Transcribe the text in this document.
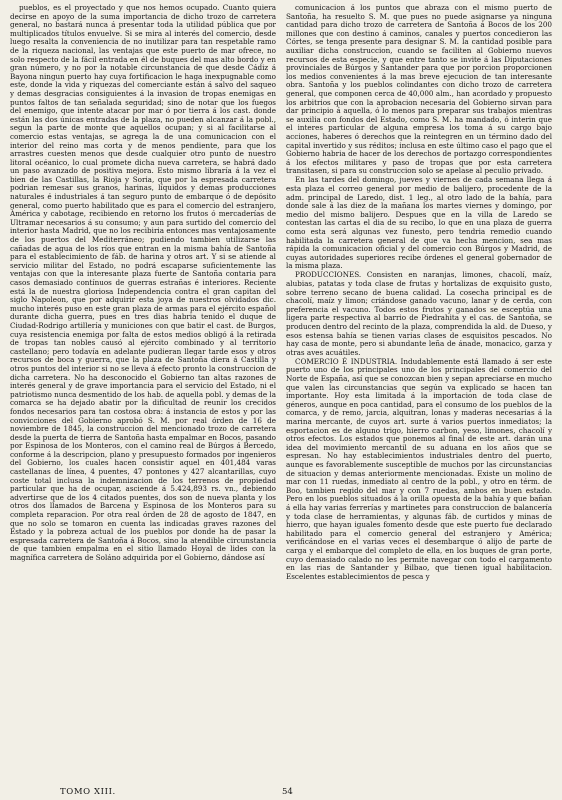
pueblos, es el proyectado y que nos hemos ocupado. Cuanto quiera decirse en apoyo de la suma importancia de dicho trozo de carretera general, no bastará nunca á presentar toda la utilidad pública que por multiplicados títulos envuelve. Si se mira al interés del comercio, desde luego resalta la conveniencia de no inutilizar para tan respetable ramo de la riqueza nacional, las ventajas que este puerto de mar ofrece, no solo respecto de la fácil entrada en él de buques del mas alto bordo y en gran número, y no por la notable circunstancia de que desde Cádiz á Bayona ningun puerto hay cuya fortificacion le haga inexpugnable como este, donde la vida y riquezas del comerciante están á salvo del saqueo y demas desgracias consiguientes á la invasion de tropas enemigas en puntos faltos de tan señalada seguridad; sino de notar que los fuegos del enemigo, que intente atacar por mar ó por tierra á los cast. donde están las dos únicas entradas de la plaza, no pueden alcanzar á la pobl., segun la parte de monte que aquellos ocupan; y si al facilitarse al comercio estas ventajas, se agrega la de una comunicacion con el interior del reino mas corta y de menos pendiente, para que los arrastres cuesten menos que desde cualquier otro punto de nuestro litoral océanico, lo cual promete dicha nueva carretera, se habrá dado un paso avanzado de positiva mejora. Esto mismo libraría á la vez el bien de las Castillas, la Rioja y Soria, que por la espresada carretera podrian remesar sus granos, harinas, líquidos y demas producciones naturales é industriales á tan seguro punto de embarque ó de depósito general, como puerto habilitado que es para el comercio del estranjero, América y cabotage, recibiendo en retorno los frutos ó mercaderías de Ultramar necesarios á su consumo; y aun para surtido del comercio del interior hasta Madrid, que no los recibiria entonces mas ventajosamente de los puertos del Mediterráneo; pudiendo tambien utilizarse las cañadas de agua de los ríos que entran en la misma bahía de Santoña para el establecimiento de fáb. de harina y otros art. Y si se atiende al servicio militar del Estado, no podrá escaparse suficientemente las ventajas con que la interesante plaza fuerte de Santoña contaria para casos demasiado contínuos de guerras estrañas é interiores. Reciente está la de nuestra gloriosa Independencia contra el gran capitan del siglo Napoleon, que por adquirir esta joya de nuestros olvidados dic. mucho interés puso en este gran plaza de armas para el ejército español durante dicha guerra, pues en tres dias habria tenido el duque de Ciudad-Rodrigo artillería y municiones con que batir el cast. de Burgos, cuya resistencia enemiga por falta de estos medios obligó á la retirada de tropas tan nobles causó al ejército combinado y al territorio castellano; pero todavía en adelante pudieran llegar tarde esos y otros recursos de boca y guerra, que la plaza de Santoña diera á Castilla y otros puntos del interior si no se lleva á efecto pronto la construccion de dicha carretera. No ha desconocido el Gobierno tan altas razones de interés general y de grave importancia para el servicio del Estado, ni el patriotismo nunca desmentido de los hab. de aquella pobl. y demas de la comarca se ha dejado abatir por la dificultad de reunir los crecidos fondos necesarios para tan costosa obra: á instancia de estos y por las convicciones del Gobierno aprobó S. M. por real órden de 16 de noviembre de 1845, la construccion del mencionado trozo de carretera desde la puerta de tierra de Santoña hasta empalmar en Bocos, pasando por Espinosa de los Monteros, con el camino real de Búrgos á Bercedo, conforme á la descripcion, plano y presupuesto formados por ingenieros del Gobierno, los cuales hacen consistir aquel en 401,484 varas castellanas de línea, 4 puentes, 47 pontones y 427 alcantarillas, cuyo coste total inclusa la indemnizacion de los terrenos de propiedad particular que ha de ocupar, asciende á 5.424,893 rs. vn., debiendo advertirse que de los 4 citados puentes, dos son de nueva planta y los otros dos llamados de Barcena y Espinosa de los Monteros para su completa reparacion. Por otra real órden de 28 de agosto de 1847, en que no solo se tomaron en cuenta las indicadas graves razones del Estado y la pobreza actual de los pueblos por donde ha de pasar la espresada carretera de Santoña á Bocos, sino la atendible circunstancia de que tambien empalma en el sitio llamado Hoyal de lides con la magnífica carretera de Soláno adquirida por el Gobierno, dándose así

comunicacion á los puntos que abraza con el mismo puerto de Santoña, ha resuelto S. M. que pues no puede asignarse ya ninguna cantidad para dicho trozo de carretera de Santoña á Bocos de los 200 millones que con destino á caminos, canales y puertos concedieron las Córtes, se tenga presente para designar S. M. la cantidad posible para auxiliar dicha construccion, cuando se faciliten al Gobierno nuevos recursos de esta especie, y que entre tanto se invite á las Diputaciones provinciales de Búrgos y Santander para que por porcion proporcionen los medios convenientes á la mas breve ejecucion de tan interesante obra. Santoña y los pueblos colindantes con dicho trozo de carretera general, que componen cerca de 40,000 alm., han acordado y propuesto los arbitrios que con la aprobacion necesaria del Gobierno sirvan para dar principio á aquella, ó lo menos para preparar sus trabajos mientras se auxilia con fondos del Estado, como S. M. ha mandado, ó interin que el interes particular de alguna empresa los toma á su cargo bajo acciones, haberes ó derechos que la reintegren en un término dado del capital invertido y sus réditos; inclusa en este último caso el pago que el Gobierno habria de hacer de los derechos de portazgo correspondientes á los efectos militares y paso de tropas que por esta carretera transitasen, si para su construccion solo se apelase al peculio privado.

En las tardes del domingo, jueves y viernes de cada semana llega á esta plaza el correo general por medio de balijero, procedente de la adm. principal de Laredo, dist. 1 leg., al otro lado de la bahía, para donde sale á las diez de la mañana los martes viernes y domingo, por medio del mismo balijero. Despues que en la villa de Laredo se contestan las cartas el dia de su recibo, lo que en una plaza de guerra como esta será algunas vez funesto, pero tendria remedio cuando habilitada la carretera general de que va hecha mencion, sea mas rápida la comunicacion oficial y del comercio con Búrgos y Madrid, de cuyas autoridades superiores recibe órdenes el general gobernador de la misma plaza.

PRODUCCIONES. Consisten en naranjas, limones, chacolí, maíz, alubias, patatas y toda clase de frutas y hortalizas de exquisito gusto, sobre terreno secano de buena calidad. La cosecha principal es de chacolí, maíz y limon; criándose ganado vacuno, lanar y de cerda, con preferencia el vacuno. Todos estos frutos y ganados se esceptúa una ligera parte respectiva al barrio de Piedrahita y el cas. de Santoña, se producen dentro del recinto de la plaza, comprendida la ald. de Dueso, y esos estensa bahía se tienen varias clases de esquisitos pescados. No hay casa de monte, pero si abundante leña de ánade, monacico, garza y otras aves acuátiles.

COMERCIO É INDUSTRIA. Indudablemente está llamado á ser este puerto uno de los principales uno de los principales del comercio del Norte de España, así que se conozcan bien y sepan apreciarse en mucho que valen las circunstancias que según va explicado se hacen tan importante. Hoy esta limitada á la importacion de toda clase de géneros, aunque en poca cantidad, para el consumo de los pueblos de la comarca, y de remo, jarcia, alquitran, lonas y maderas necesarias á la marina mercante, de cuyos art. surte á varios puertos inmediatos; la esportacion es de alguno trigo, hierro carbon, yeso, limones, chacolí y otros efectos. Los estados que ponemos al final de este art. darán una idea del movimiento mercantil de su aduana en los años que se espresan. No hay establecimientos industriales dentro del puerto, aunque es favorablemente susceptible de muchos por las circunstancias de situacion y demas anteriormente mencionadas. Existe un molino de mar con 11 ruedas, inmediato al centro de la pobl., y otro en térm. de Boo, tambien regido del mar y con 7 ruedas, ambos en buen estado. Pero en los pueblos situados á la orilla opuesta de la bahía y que bañan á ella hay varias ferrerías y martinetes para construccion de balancería y toda clase de herramientas, y algunas fáb. de curtidos y minas de hierro, que hayan iguales fomento desde que este puerto fue declarado habilitado para el comercio general del estranjero y América; verificándose en el varias veces el desembarque ó alijo de parte de carga y el embarque del completo de ella, en los buques de gran porte, cuyo demasiado calado no les permite navegar con todo el cargamento en las rias de Santander y Bilbao, que tienen igual habilitacion. Escelentes establecimientos de pesca y

TOMO XIII.	54
